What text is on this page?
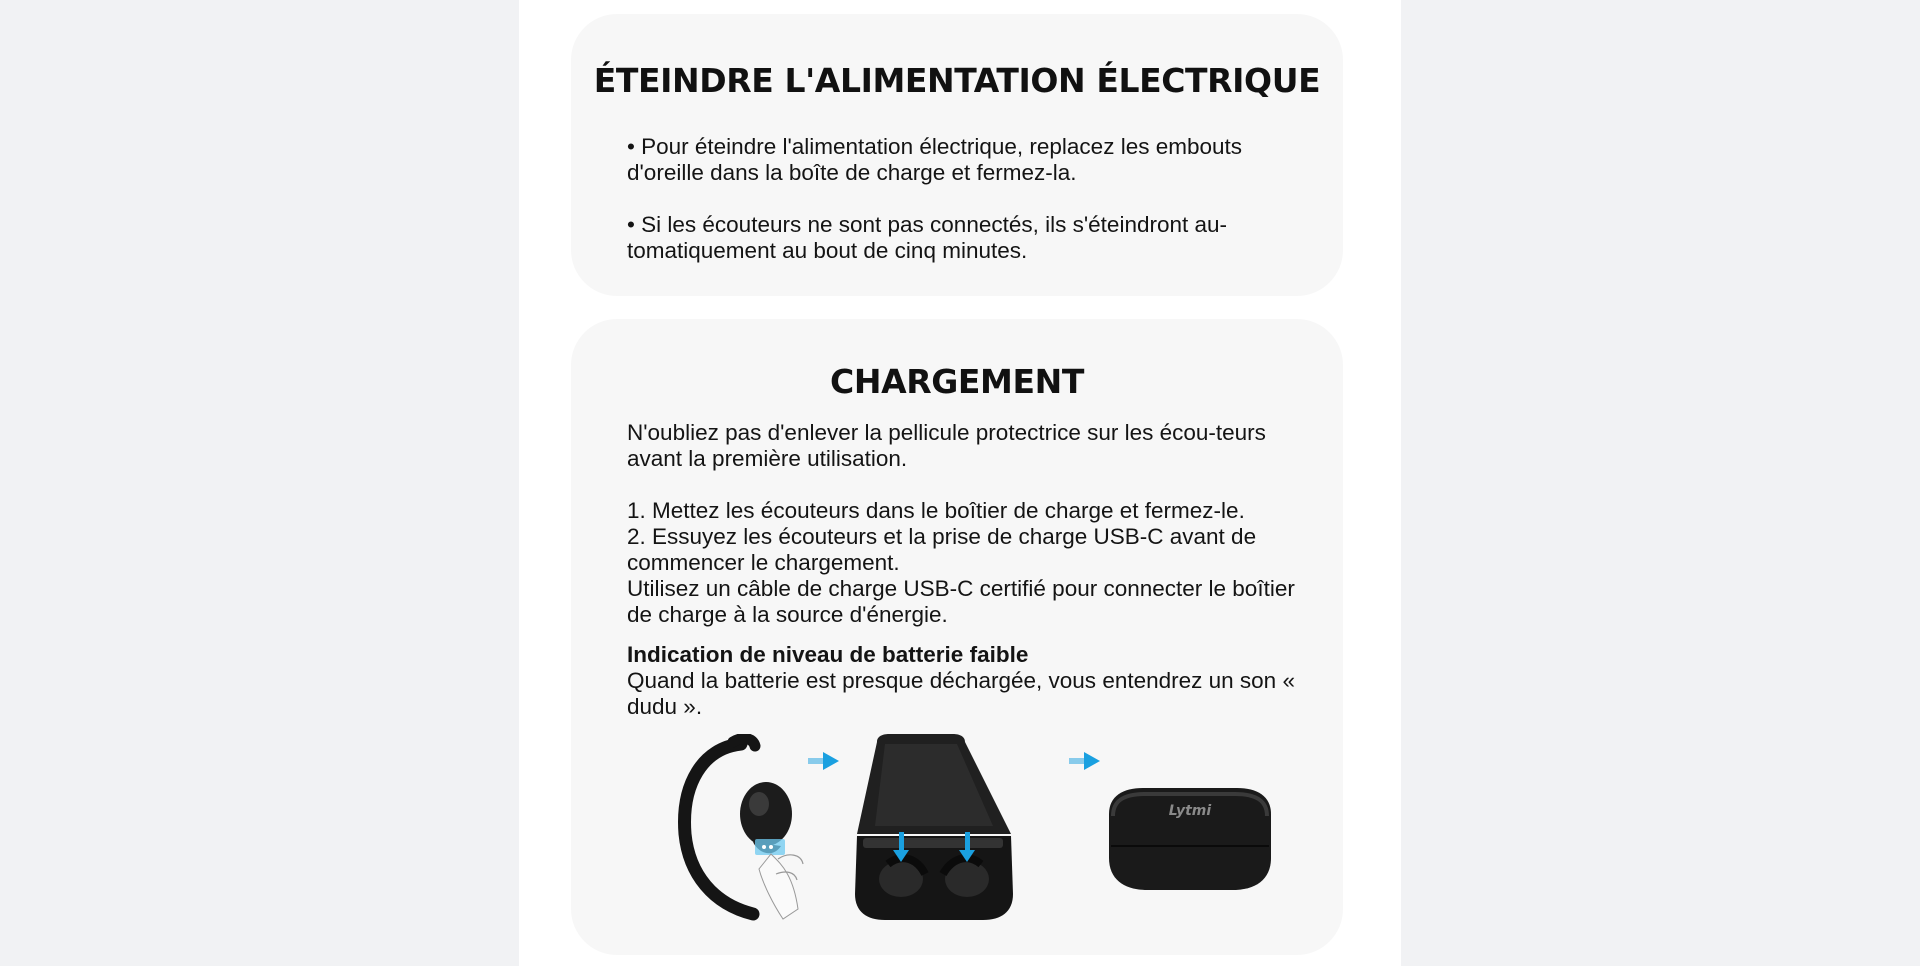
ÉTEINDRE L'ALIMENTATION ÉLECTRIQUE

• Pour éteindre l'alimentation électrique, replacez les embouts d'oreille dans la boîte de charge et fermez-la.

• Si les écouteurs ne sont pas connectés, ils s'éteindront au-tomatiquement au bout de cinq minutes.

CHARGEMENT

N'oubliez pas d'enlever la pellicule protectrice sur les écou-teurs avant la première utilisation.

1. Mettez les écouteurs dans le boîtier de charge et fermez-le.
2. Essuyez les écouteurs et la prise de charge USB-C avant de commencer le chargement.
Utilisez un câble de charge USB-C certifié pour connecter le boîtier de charge à la source d'énergie.
Indication de niveau de batterie faible
Quand la batterie est presque déchargée, vous entendrez un son « dudu ».
Lytmi
